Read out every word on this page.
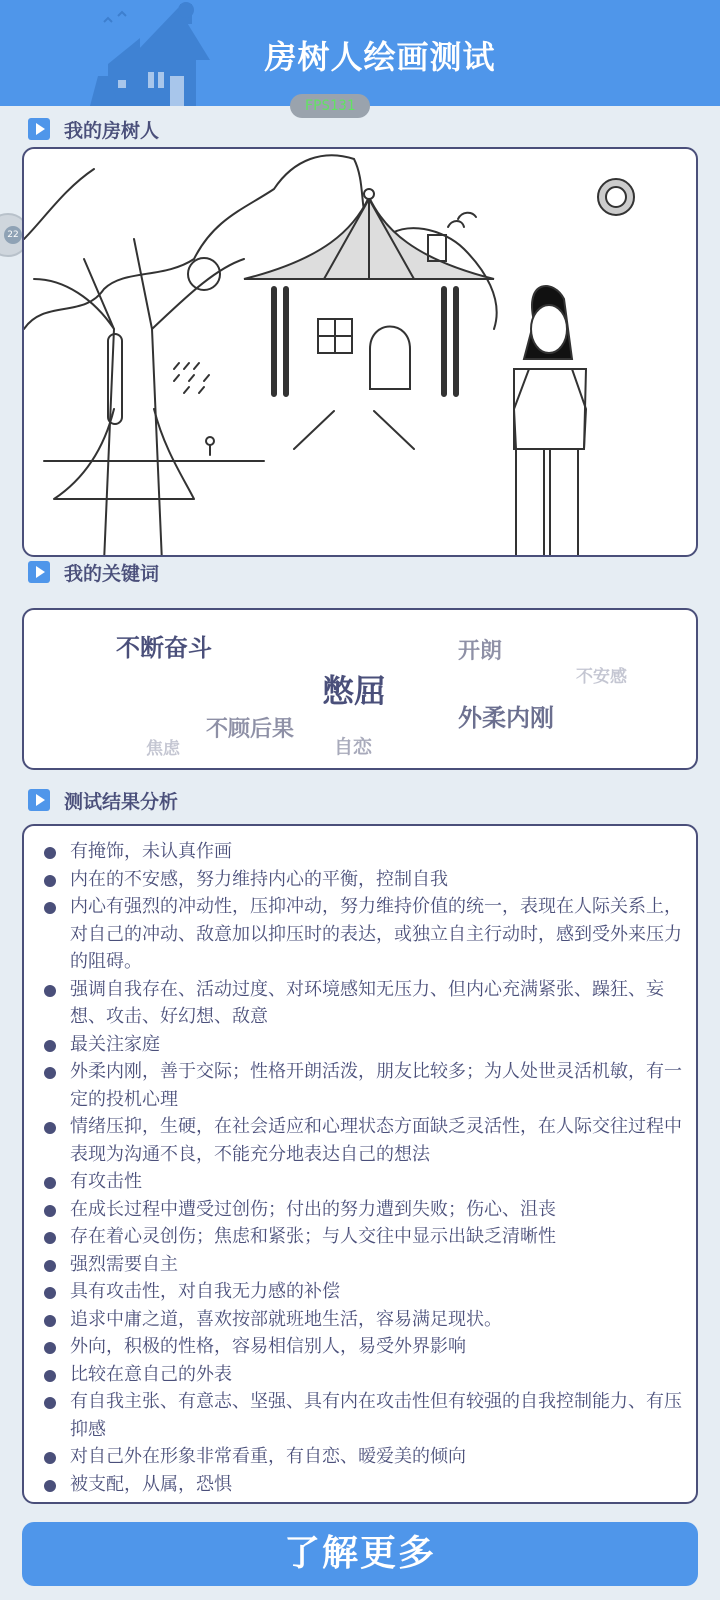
房树人绘画测试
FPS131
22
我的房树人
我的关键词
不断奋斗	开朗
不安感
憋屈
外柔内刚
不顾后果
焦虑	自恋
测试结果分析
有掩饰，未认真作画
内在的不安感，努力维持内心的平衡，控制自我
内心有强烈的冲动性，压抑冲动，努力维持价值的统一，表现在人际关系上，对自己的冲动、敌意加以抑压时的表达，或独立自主行动时，感到受外来压力的阻碍。
强调自我存在、活动过度、对环境感知无压力、但内心充满紧张、躁狂、妄想、攻击、好幻想、敌意
最关注家庭
外柔内刚，善于交际；性格开朗活泼，朋友比较多；为人处世灵活机敏，有一定的投机心理
情绪压抑，生硬，在社会适应和心理状态方面缺乏灵活性，在人际交往过程中表现为沟通不良，不能充分地表达自己的想法
有攻击性
在成长过程中遭受过创伤；付出的努力遭到失败；伤心、沮丧
存在着心灵创伤；焦虑和紧张；与人交往中显示出缺乏清晰性
强烈需要自主
具有攻击性，对自我无力感的补偿
追求中庸之道，喜欢按部就班地生活，容易满足现状。
外向，积极的性格，容易相信别人，易受外界影响
比较在意自己的外表
有自我主张、有意志、坚强、具有内在攻击性但有较强的自我控制能力、有压抑感
对自己外在形象非常看重，有自恋、暧爱美的倾向
被支配，从属，恐惧
了解更多
